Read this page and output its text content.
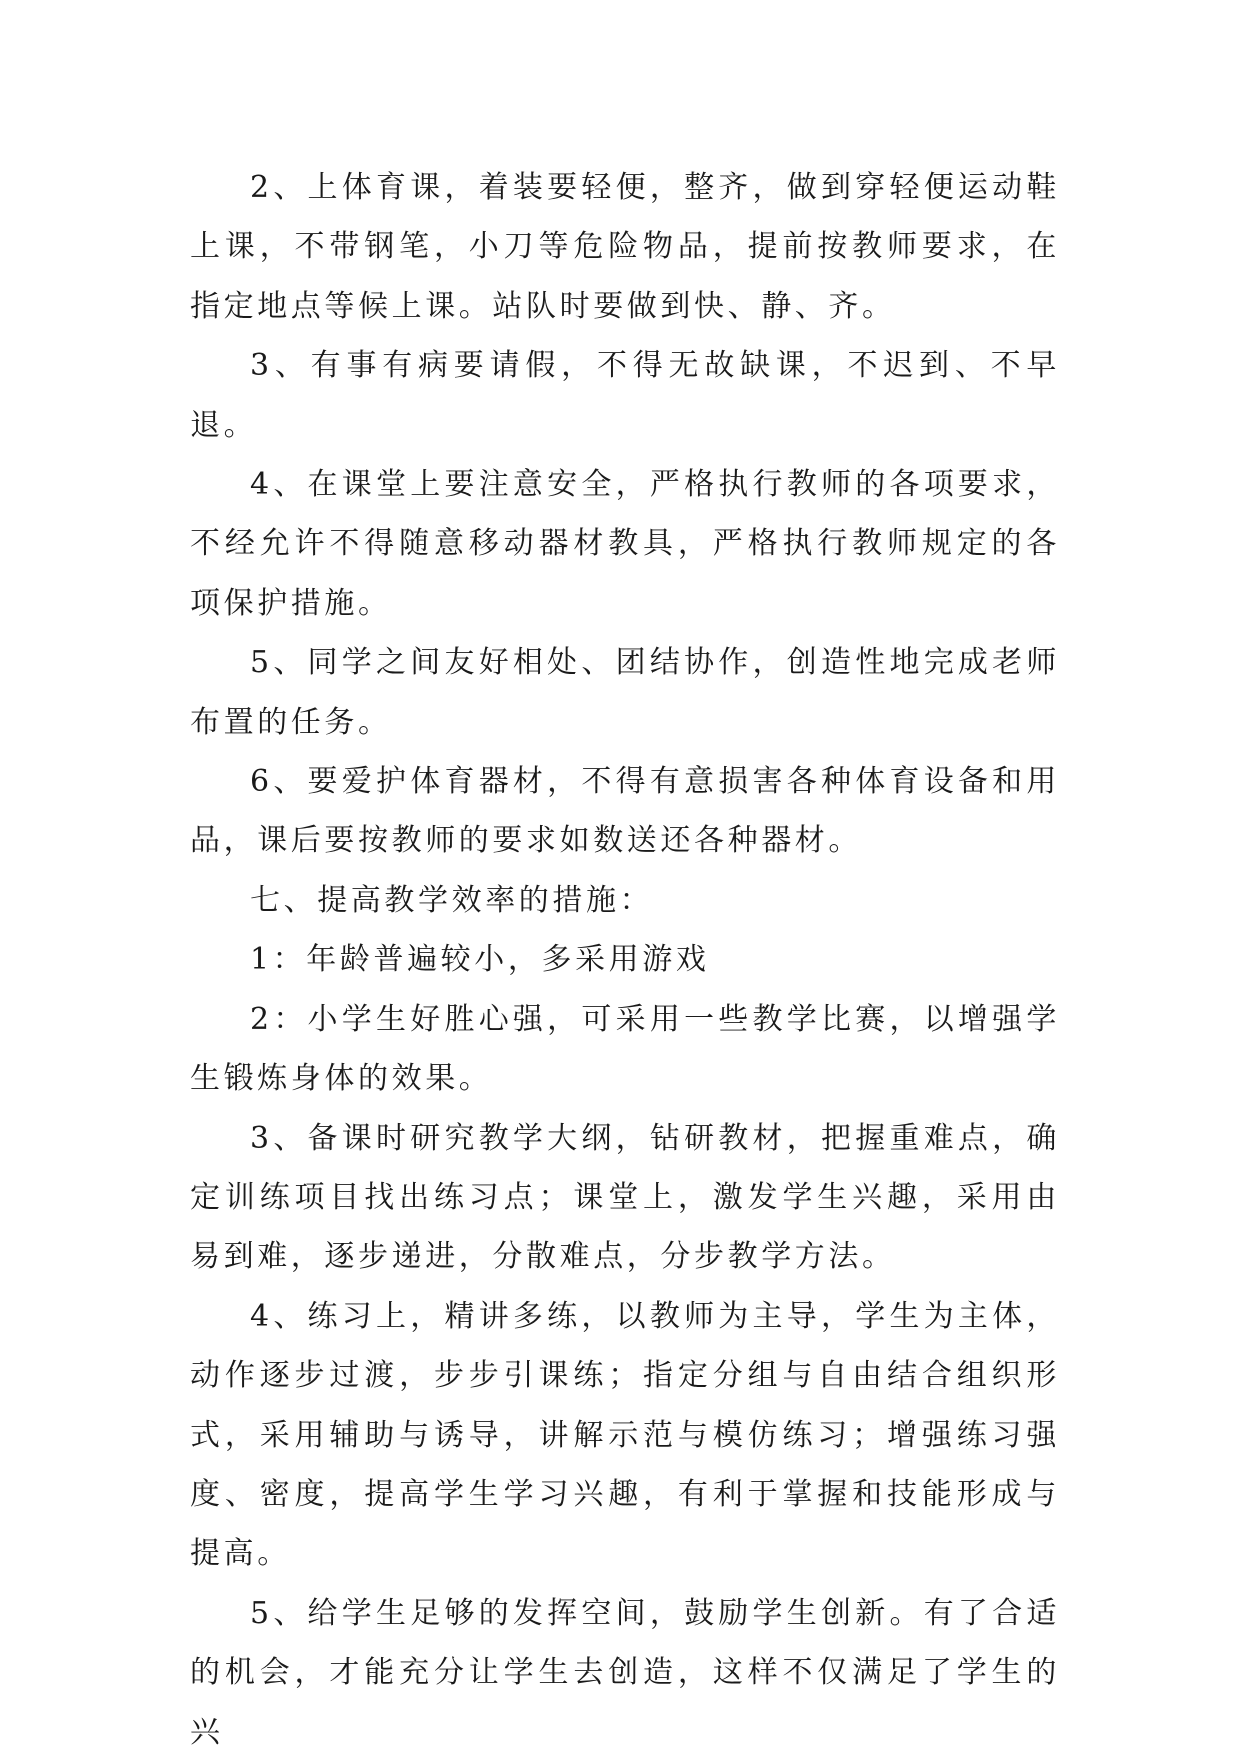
2、上体育课，着装要轻便，整齐，做到穿轻便运动鞋上课，不带钢笔，小刀等危险物品，提前按教师要求，在指定地点等候上课。站队时要做到快、静、齐。

3、有事有病要请假，不得无故缺课，不迟到、不早退。

4、在课堂上要注意安全，严格执行教师的各项要求，不经允许不得随意移动器材教具，严格执行教师规定的各项保护措施。

5、同学之间友好相处、团结协作，创造性地完成老师布置的任务。

6、要爱护体育器材，不得有意损害各种体育设备和用品，课后要按教师的要求如数送还各种器材。

七、提高教学效率的措施：

1：年龄普遍较小，多采用游戏

2：小学生好胜心强，可采用一些教学比赛，以增强学生锻炼身体的效果。

3、备课时研究教学大纲，钻研教材，把握重难点，确定训练项目找出练习点；课堂上，激发学生兴趣，采用由易到难，逐步递进，分散难点，分步教学方法。

4、练习上，精讲多练，以教师为主导，学生为主体，动作逐步过渡，步步引课练；指定分组与自由结合组织形式，采用辅助与诱导，讲解示范与模仿练习；增强练习强度、密度，提高学生学习兴趣，有利于掌握和技能形成与提高。

5、给学生足够的发挥空间，鼓励学生创新。有了合适的机会，才能充分让学生去创造，这样不仅满足了学生的兴
